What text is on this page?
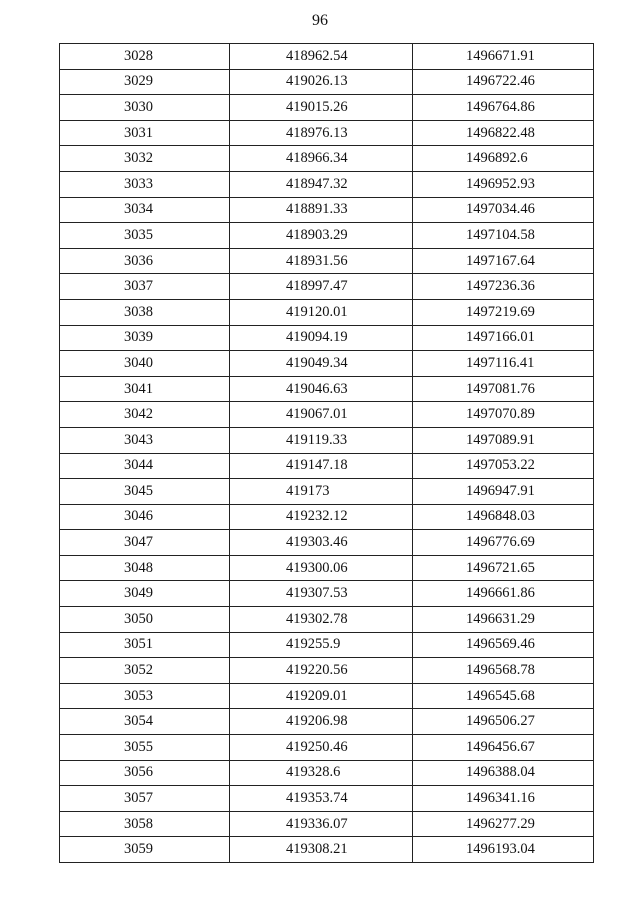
96
3028	418962.54	1496671.91
3029	419026.13	1496722.46
3030	419015.26	1496764.86
3031	418976.13	1496822.48
3032	418966.34	1496892.6
3033	418947.32	1496952.93
3034	418891.33	1497034.46
3035	418903.29	1497104.58
3036	418931.56	1497167.64
3037	418997.47	1497236.36
3038	419120.01	1497219.69
3039	419094.19	1497166.01
3040	419049.34	1497116.41
3041	419046.63	1497081.76
3042	419067.01	1497070.89
3043	419119.33	1497089.91
3044	419147.18	1497053.22
3045	419173	1496947.91
3046	419232.12	1496848.03
3047	419303.46	1496776.69
3048	419300.06	1496721.65
3049	419307.53	1496661.86
3050	419302.78	1496631.29
3051	419255.9	1496569.46
3052	419220.56	1496568.78
3053	419209.01	1496545.68
3054	419206.98	1496506.27
3055	419250.46	1496456.67
3056	419328.6	1496388.04
3057	419353.74	1496341.16
3058	419336.07	1496277.29
3059	419308.21	1496193.04
